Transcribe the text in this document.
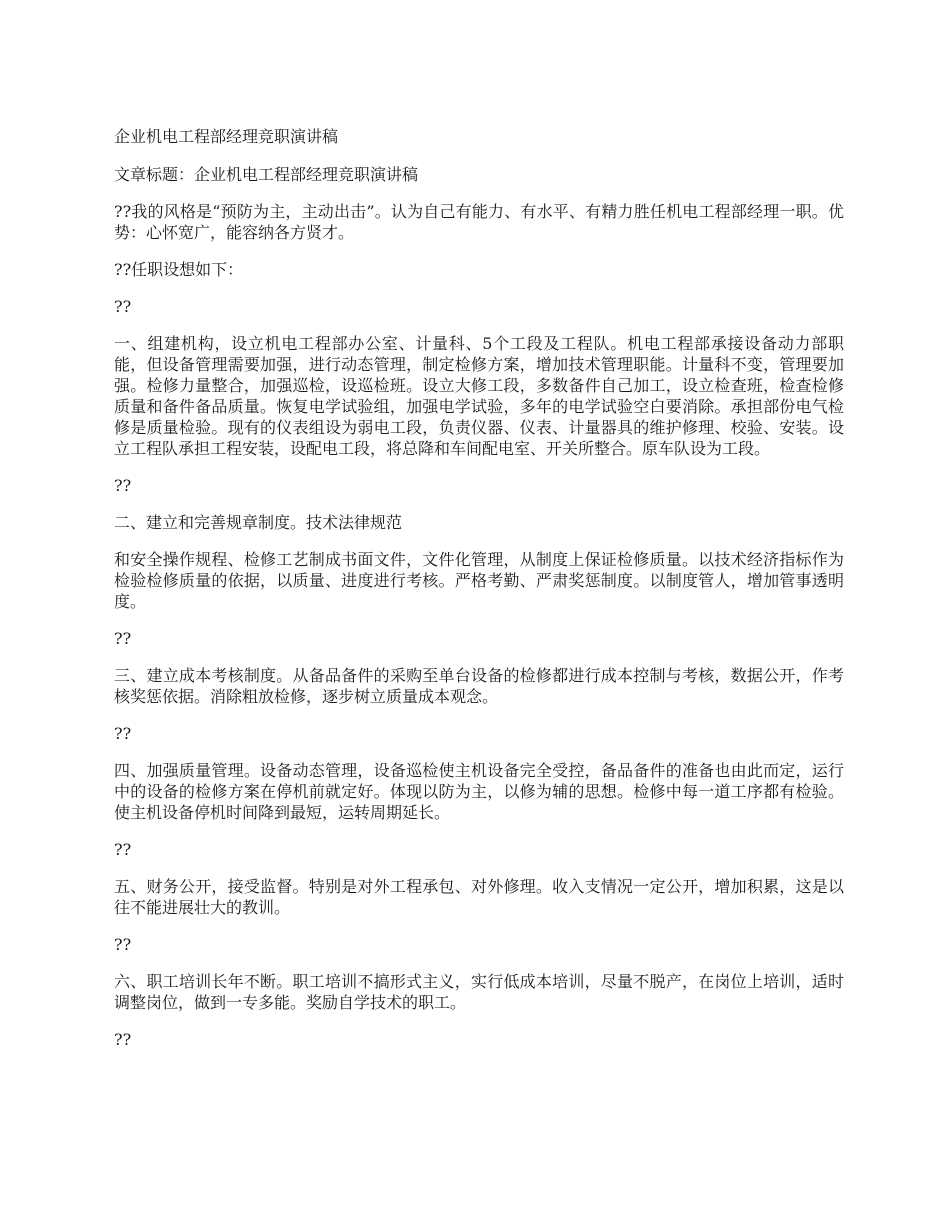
企业机电工程部经理竞职演讲稿

文章标题：企业机电工程部经理竞职演讲稿

??我的风格是“预防为主，主动出击”。认为自己有能力、有水平、有精力胜任机电工程部经理一职。优势：心怀宽广，能容纳各方贤才。

??任职设想如下：

??

一、组建机构，设立机电工程部办公室、计量科、5个工段及工程队。机电工程部承接设备动力部职能，但设备管理需要加强，进行动态管理，制定检修方案，增加技术管理职能。计量科不变，管理要加强。检修力量整合，加强巡检，设巡检班。设立大修工段，多数备件自己加工，设立检查班，检查检修质量和备件备品质量。恢复电学试验组，加强电学试验，多年的电学试验空白要消除。承担部份电气检修是质量检验。现有的仪表组设为弱电工段，负责仪器、仪表、计量器具的维护修理、校验、安装。设立工程队承担工程安装，设配电工段，将总降和车间配电室、开关所整合。原车队设为工段。

??

二、建立和完善规章制度。技术法律规范

和安全操作规程、检修工艺制成书面文件，文件化管理，从制度上保证检修质量。以技术经济指标作为检验检修质量的依据，以质量、进度进行考核。严格考勤、严肃奖惩制度。以制度管人，增加管事透明度。

??

三、建立成本考核制度。从备品备件的采购至单台设备的检修都进行成本控制与考核，数据公开，作考核奖惩依据。消除粗放检修，逐步树立质量成本观念。

??

四、加强质量管理。设备动态管理，设备巡检使主机设备完全受控，备品备件的准备也由此而定，运行中的设备的检修方案在停机前就定好。体现以防为主，以修为辅的思想。检修中每一道工序都有检验。使主机设备停机时间降到最短，运转周期延长。

??

五、财务公开，接受监督。特别是对外工程承包、对外修理。收入支情况一定公开，增加积累，这是以往不能进展壮大的教训。

??

六、职工培训长年不断。职工培训不搞形式主义，实行低成本培训，尽量不脱产，在岗位上培训，适时调整岗位，做到一专多能。奖励自学技术的职工。

??
